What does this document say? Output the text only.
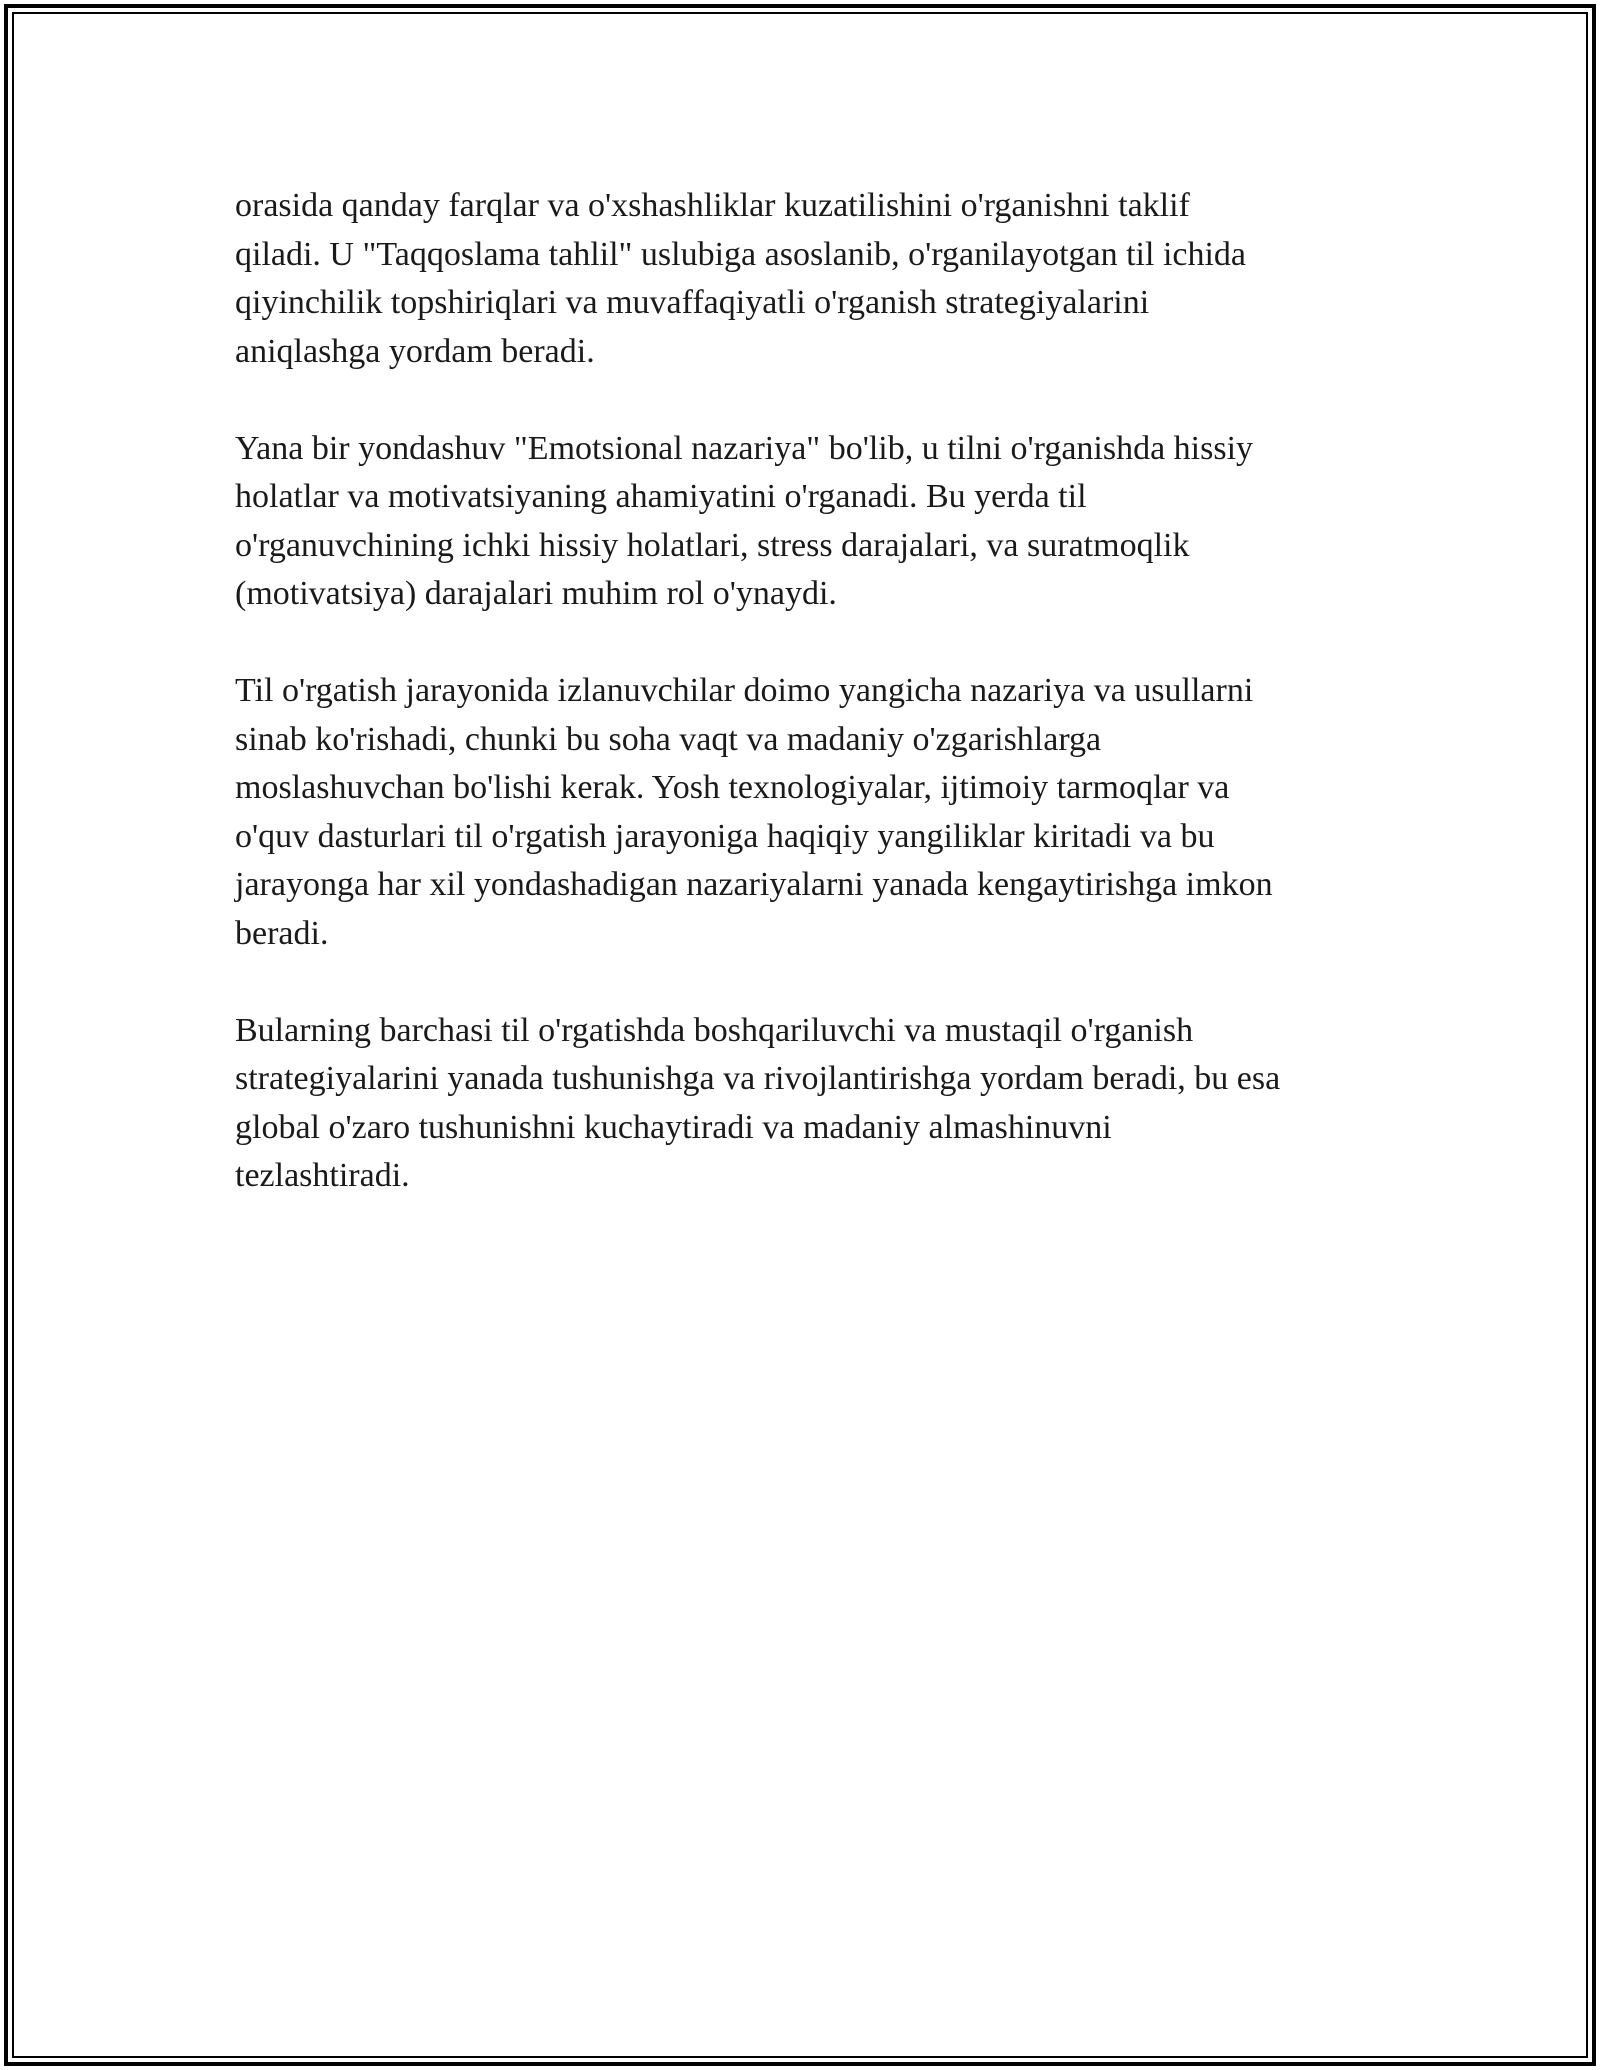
orasida qanday farqlar va o'xshashliklar kuzatilishini o'rganishni taklif
qiladi. U "Taqqoslama tahlil" uslubiga asoslanib, o'rganilayotgan til ichida
qiyinchilik topshiriqlari va muvaffaqiyatli o'rganish strategiyalarini
aniqlashga yordam beradi.

Yana bir yondashuv "Emotsional nazariya" bo'lib, u tilni o'rganishda hissiy
holatlar va motivatsiyaning ahamiyatini o'rganadi. Bu yerda til
o'rganuvchining ichki hissiy holatlari, stress darajalari, va suratmoqlik
(motivatsiya) darajalari muhim rol o'ynaydi.

Til o'rgatish jarayonida izlanuvchilar doimo yangicha nazariya va usullarni
sinab ko'rishadi, chunki bu soha vaqt va madaniy o'zgarishlarga
moslashuvchan bo'lishi kerak. Yosh texnologiyalar, ijtimoiy tarmoqlar va
o'quv dasturlari til o'rgatish jarayoniga haqiqiy yangiliklar kiritadi va bu
jarayonga har xil yondashadigan nazariyalarni yanada kengaytirishga imkon
beradi.

Bularning barchasi til o'rgatishda boshqariluvchi va mustaqil o'rganish
strategiyalarini yanada tushunishga va rivojlantirishga yordam beradi, bu esa
global o'zaro tushunishni kuchaytiradi va madaniy almashinuvni
tezlashtiradi.
